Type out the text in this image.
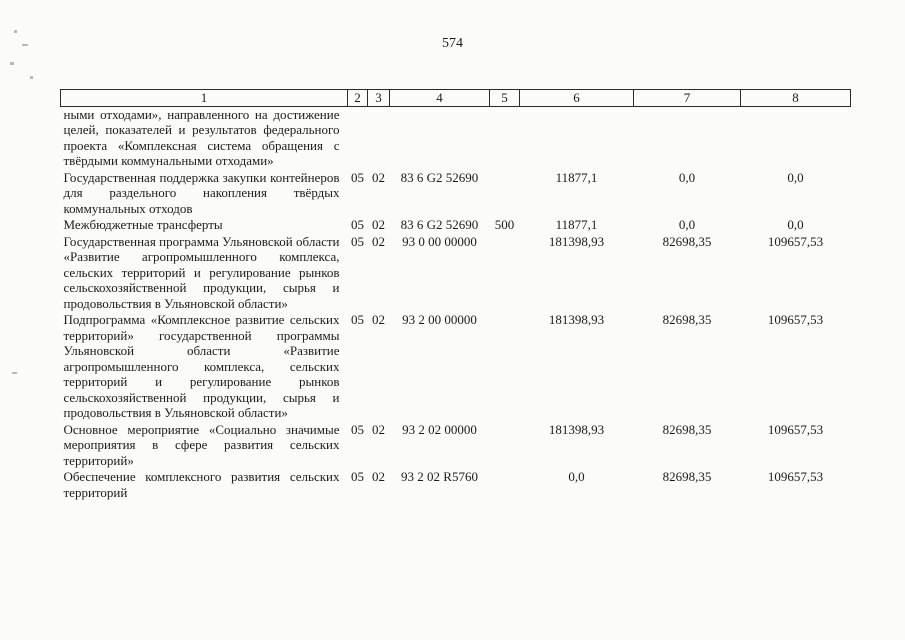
574
1	2	3	4	5	6	7	8
ными отходами», направленного на достижение целей, показателей и результатов федерального проекта «Комплексная система обращения с твёрдыми коммунальными отходами»							
Государственная поддержка закупки контейнеров для раздельного накопления твёрдых коммунальных отходов	05	02	83 6 G2 52690		11877,1	0,0	0,0
Межбюджетные трансферты	05	02	83 6 G2 52690	500	11877,1	0,0	0,0
Государственная программа Ульяновской области «Развитие агропромышленного комплекса, сельских территорий и регулирование рынков сельскохозяйственной продукции, сырья и продовольствия в Ульяновской области»	05	02	93 0 00 00000		181398,93	82698,35	109657,53
Подпрограмма «Комплексное развитие сельских территорий» государственной программы Ульяновской области «Развитие агропромышленного комплекса, сельских территорий и регулирование рынков сельскохозяйственной продукции, сырья и продовольствия в Ульяновской области»	05	02	93 2 00 00000		181398,93	82698,35	109657,53
Основное мероприятие «Социально значимые мероприятия в сфере развития сельских территорий»	05	02	93 2 02 00000		181398,93	82698,35	109657,53
Обеспечение комплексного развития сельских территорий	05	02	93 2 02 R5760		0,0	82698,35	109657,53
